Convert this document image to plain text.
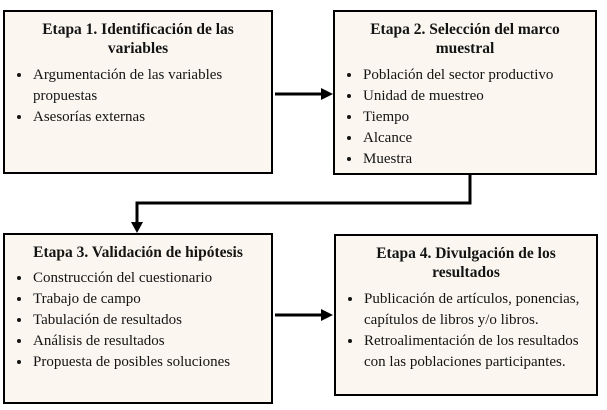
Etapa 1. Identificación de las variables
• Argumentación de las variables propuestas
• Asesorías externas
Etapa 2. Selección del marco muestral
• Población del sector productivo
• Unidad de muestreo
• Tiempo
• Alcance
• Muestra
Etapa 3. Validación de hipótesis
• Construcción del cuestionario
• Trabajo de campo
• Tabulación de resultados
• Análisis de resultados
• Propuesta de posibles soluciones
Etapa 4. Divulgación de los resultados
• Publicación de artículos, ponencias, capítulos de libros y/o libros.
• Retroalimentación de los resultados con las poblaciones participantes.
